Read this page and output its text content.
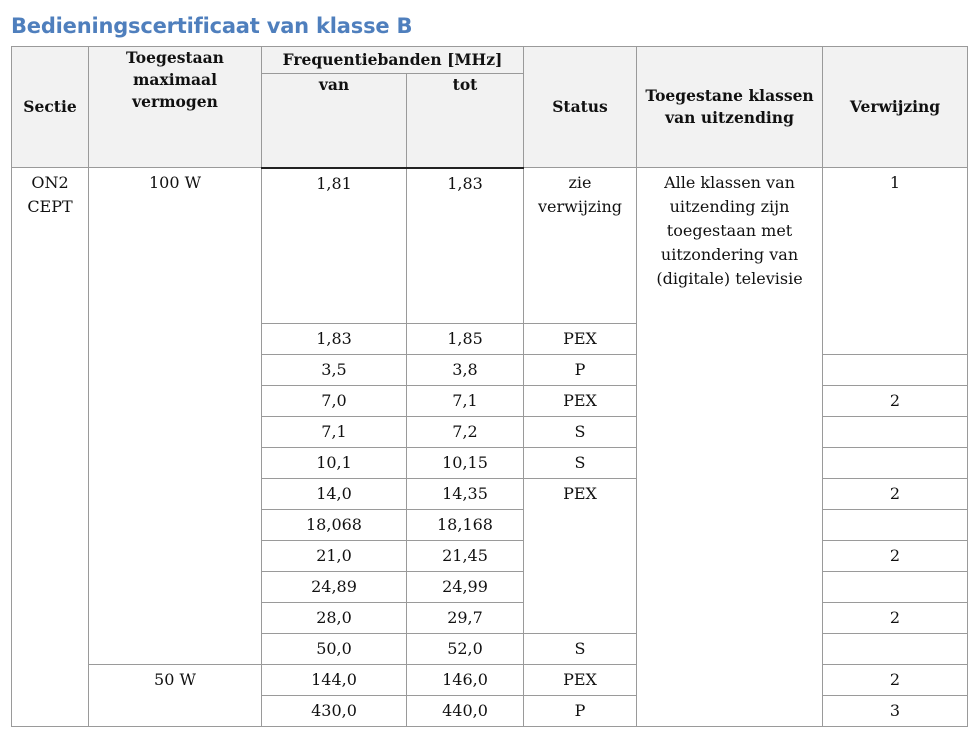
Bedieningscertificaat van klasse B
Sectie	Toegestaan maximaal vermogen	Frequentiebanden [MHz]		Status	Toegestane klassen van uitzending	Verwijzing
		van	tot			
ON2 CEPT	100 W	1,81	1,83	zie verwijzing	Alle klassen van uitzending zijn toegestaan met uitzondering van (digitale) televisie	1
		1,83	1,85	PEX		
		3,5	3,8	P		
		7,0	7,1	PEX		2
		7,1	7,2	S		
		10,1	10,15	S		
		14,0	14,35	PEX		2
		18,068	18,168			
		21,0	21,45			2
		24,89	24,99			
		28,0	29,7			2
		50,0	52,0	S		
	50 W	144,0	146,0	PEX		2
		430,0	440,0	P		3
